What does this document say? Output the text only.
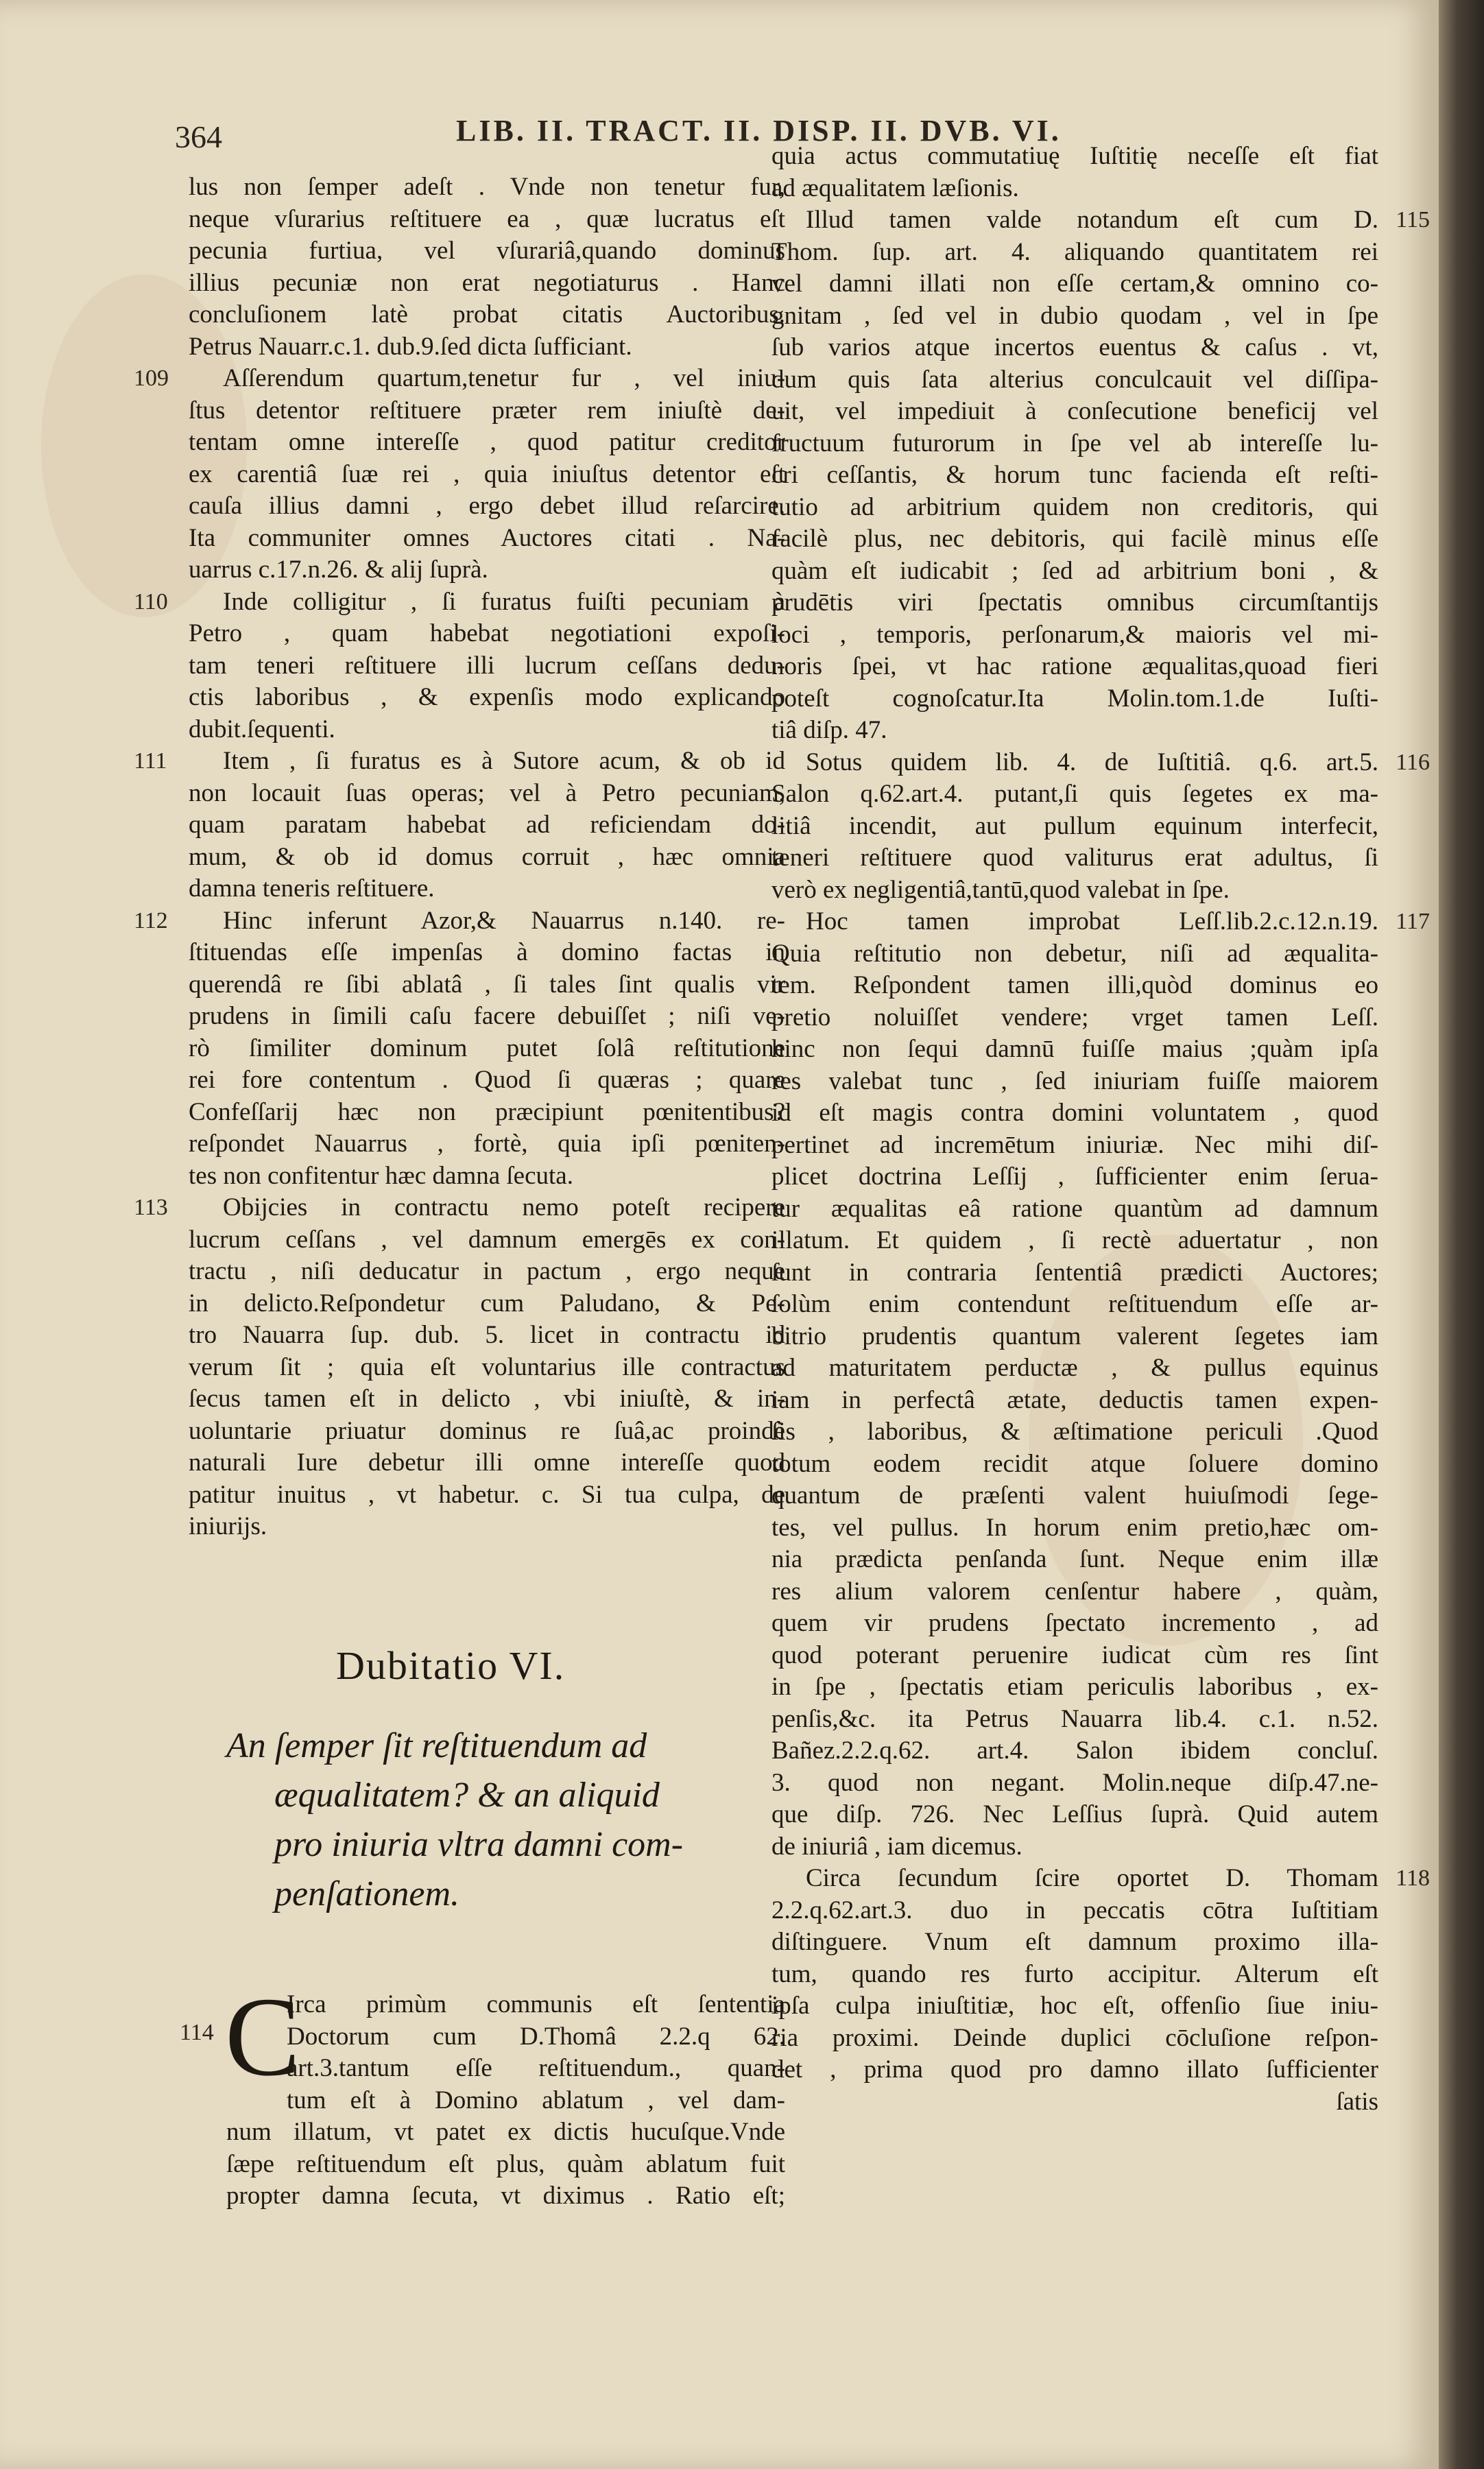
364	LIB. II. TRACT. II. DISP. II. DVB. VI.
lus non ſemper adeſt . Vnde non tenetur fur,
neque vſurarius reſtituere ea , quæ lucratus eſt
pecunia furtiua, vel vſurariâ,quando dominus
illius pecuniæ non erat negotiaturus . Hanc
concluſionem latè probat citatis Auctoribus.
Petrus Nauarr.c.1. dub.9.ſed dicta ſufficiant.
109	Aſſerendum quartum,tenetur fur , vel iniu-
ſtus detentor reſtituere præter rem iniuſtè de-
tentam omne intereſſe , quod patitur creditor
ex carentiâ ſuæ rei , quia iniuſtus detentor eſt
cauſa illius damni , ergo debet illud reſarcire.
Ita communiter omnes Auctores citati . Na-
uarrus c.17.n.26. & alij ſuprà.
110	Inde colligitur , ſi furatus fuiſti pecuniam à
Petro , quam habebat negotiationi expoſi-
tam teneri reſtituere illi lucrum ceſſans dedu-
ctis laboribus , & expenſis modo explicando
dubit.ſequenti.
111	Item , ſi furatus es à Sutore acum, & ob id
non locauit ſuas operas; vel à Petro pecuniam,
quam paratam habebat ad reficiendam do-
mum, & ob id domus corruit , hæc omnia
damna teneris reſtituere.
112	Hinc inferunt Azor,& Nauarrus n.140. re-
ſtituendas eſſe impenſas à domino factas in
querendâ re ſibi ablatâ , ſi tales ſint qualis vir
prudens in ſimili caſu facere debuiſſet ; niſi ve-
rò ſimiliter dominum putet ſolâ reſtitutione
rei fore contentum . Quod ſi quæras ; quare
Confeſſarij hæc non præcipiunt pœnitentibus?
reſpondet Nauarrus , fortè, quia ipſi pœniten-
tes non confitentur hæc damna ſecuta.
113	Obijcies in contractu nemo poteſt recipere
lucrum ceſſans , vel damnum emergēs ex con-
tractu , niſi deducatur in pactum , ergo neque
in delicto.Reſpondetur cum Paludano, & Pe-
tro Nauarra ſup. dub. 5. licet in contractu id
verum ſit ; quia eſt voluntarius ille contractus
ſecus tamen eſt in delicto , vbi iniuſtè, & in-
uoluntarie priuatur dominus re ſuâ,ac proindè
naturali Iure debetur illi omne intereſſe quod
patitur inuitus , vt habetur. c. Si tua culpa, de
iniurijs.
Dubitatio VI.
An ſemper ſit reſtituendum ad
æqualitatem? & an aliquid
pro iniuria vltra damni com-
penſationem.
114 C
Irca primùm communis eſt ſententia
Doctorum cum D.Thomâ 2.2.q 62.
art.3.tantum eſſe reſtituendum., quan-
tum eſt à Domino ablatum , vel dam-
num illatum, vt patet ex dictis hucuſque.Vnde
ſæpe reſtituendum eſt plus, quàm ablatum fuit
propter damna ſecuta, vt diximus . Ratio eſt;
quia actus commutatiuę Iuſtitię neceſſe eſt fiat
ad æqualitatem læſionis.
115
Illud tamen valde notandum eſt cum D.
Thom. ſup. art. 4. aliquando quantitatem rei
vel damni illati non eſſe certam,& omnino co-
gnitam , ſed vel in dubio quodam , vel in ſpe
ſub varios atque incertos euentus & caſus . vt,
dum quis ſata alterius conculcauit vel diſſipa-
uit, vel impediuit à conſecutione beneficij vel
fructuum futurorum in ſpe vel ab intereſſe lu-
cri ceſſantis, & horum tunc facienda eſt reſti-
tutio ad arbitrium quidem non creditoris, qui
facilè plus, nec debitoris, qui facilè minus eſſe
quàm eſt iudicabit ; ſed ad arbitrium boni , &
prudētis viri ſpectatis omnibus circumſtantijs
loci , temporis, perſonarum,& maioris vel mi-
noris ſpei, vt hac ratione æqualitas,quoad fieri
poteſt cognoſcatur.Ita Molin.tom.1.de Iuſti-
tiâ diſp. 47.
116
Sotus quidem lib. 4. de Iuſtitiâ. q.6. art.5.
Salon q.62.art.4. putant,ſi quis ſegetes ex ma-
litiâ incendit, aut pullum equinum interfecit,
teneri reſtituere quod valiturus erat adultus, ſi
verò ex negligentiâ,tantū,quod valebat in ſpe.
117
Hoc tamen improbat Leſſ.lib.2.c.12.n.19.
Quia reſtitutio non debetur, niſi ad æqualita-
tem. Reſpondent tamen illi,quòd dominus eo
pretio noluiſſet vendere; vrget tamen Leſſ.
hinc non ſequi damnū fuiſſe maius ;quàm ipſa
res valebat tunc , ſed iniuriam fuiſſe maiorem
id eſt magis contra domini voluntatem , quod
pertinet ad incremētum iniuriæ. Nec mihi diſ-
plicet doctrina Leſſij , ſufficienter enim ſerua-
tur æqualitas eâ ratione quantùm ad damnum
illatum. Et quidem , ſi rectè aduertatur , non
ſunt in contraria ſententiâ prædicti Auctores;
ſolùm enim contendunt reſtituendum eſſe ar-
bitrio prudentis quantum valerent ſegetes iam
ad maturitatem perductæ , & pullus equinus
iam in perfectâ ætate, deductis tamen expen-
ſis , laboribus, & æſtimatione periculi .Quod
totum eodem recidit atque ſoluere domino
quantum de præſenti valent huiuſmodi ſege-
tes, vel pullus. In horum enim pretio,hæc om-
nia prædicta penſanda ſunt. Neque enim illæ
res alium valorem cenſentur habere , quàm,
quem vir prudens ſpectato incremento , ad
quod poterant peruenire iudicat cùm res ſint
in ſpe , ſpectatis etiam periculis laboribus , ex-
penſis,&c. ita Petrus Nauarra lib.4. c.1. n.52.
Bañez.2.2.q.62. art.4. Salon ibidem concluſ.
3. quod non negant. Molin.neque diſp.47.ne-
que diſp. 726. Nec Leſſius ſuprà. Quid autem
de iniuriâ , iam dicemus.
118
Circa ſecundum ſcire oportet D. Thomam
2.2.q.62.art.3. duo in peccatis cōtra Iuſtitiam
diſtinguere. Vnum eſt damnum proximo illa-
tum, quando res furto accipitur. Alterum eſt
ipſa culpa iniuſtitiæ, hoc eſt, offenſio ſiue iniu-
ria proximi. Deinde duplici cōcluſione reſpon-
det , prima quod pro damno illato ſufficienter
ſatis
